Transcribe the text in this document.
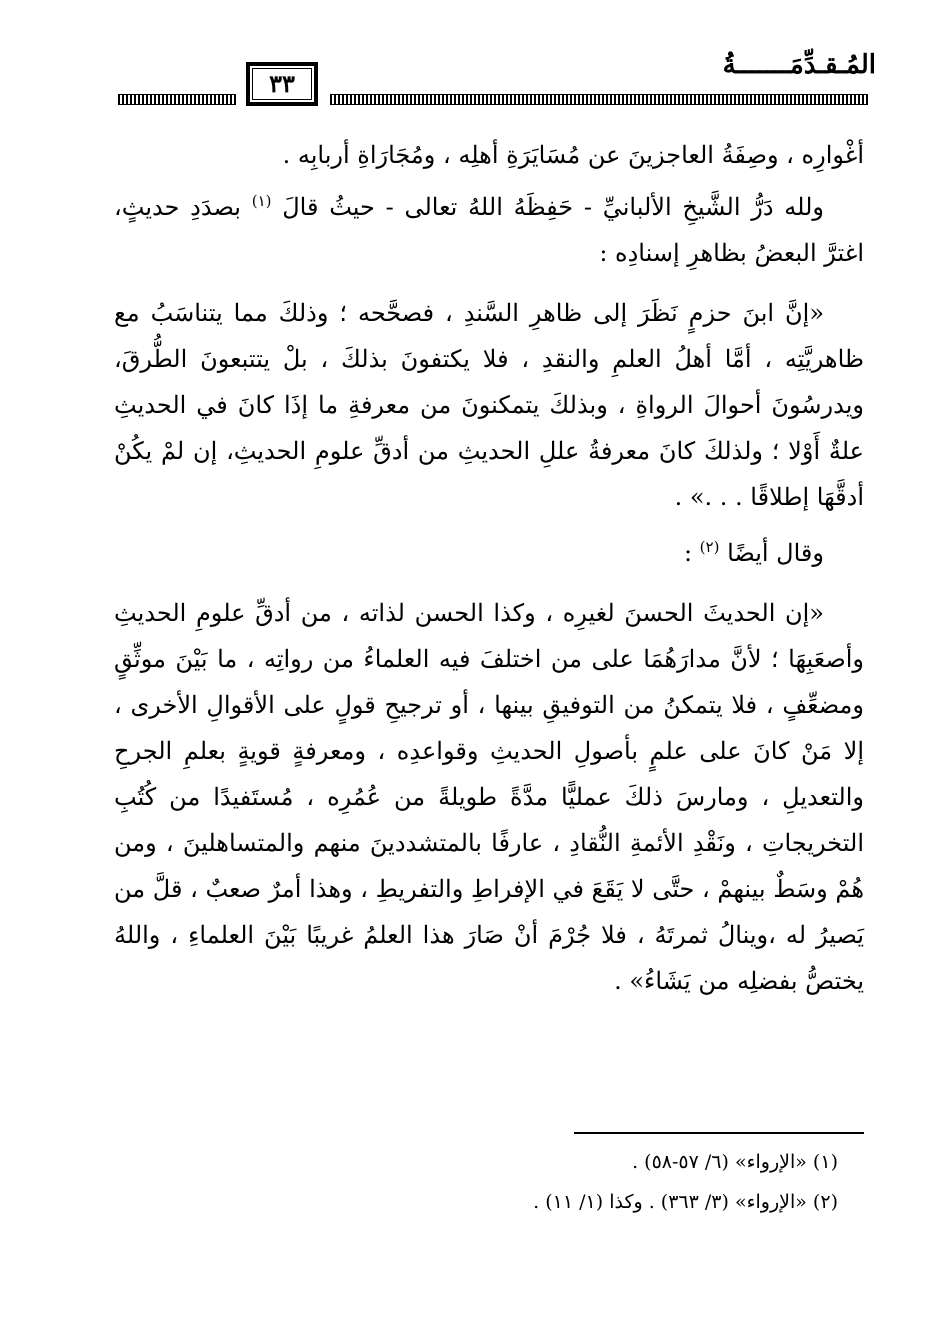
المُـقـدِّمَـــــــةُ
٣٣

أغْوارِه ، وصِفَةُ العاجزينَ عن مُسَايَرَةِ أهلِه ، ومُجَارَاةِ أربابِه .

ولله دَرُّ الشَّيخِ الألبانيِّ - حَفِظَهُ اللهُ تعالى - حيثُ قالَ $^{(١)}$ بصدَدِ حديثٍ، اغترَّ البعضُ بظاهرِ إسنادِه :

«إنَّ ابنَ حزمٍ نَظَرَ إلى ظاهرِ السَّندِ ، فصحَّحه ؛ وذلكَ مما يتناسَبُ مع ظاهريَّتِه ، أمَّا أهلُ العلمِ والنقدِ ، فلا يكتفونَ بذلكَ ، بلْ يتتبعونَ الطُّرقَ، ويدرسُونَ أحوالَ الرواةِ ، وبذلكَ يتمكنونَ من معرفةِ ما إذَا كانَ في الحديثِ علةٌ أَوْلا ؛ ولذلكَ كانَ معرفةُ عللِ الحديثِ من أدقِّ علومِ الحديثِ، إن لمْ يكُنْ أدقَّهَا إطلاقًا . . .» .

وقال أيضًا $^{(٢)}$ :

«إن الحديثَ الحسنَ لغيرِه ، وكذا الحسن لذاته ، من أدقِّ علومِ الحديثِ وأصعَبِهَا ؛ لأنَّ مدارَهُمَا على من اختلفَ فيه العلماءُ من رواتِه ، ما بَيْنَ موثِّقٍ ومضعِّفٍ ، فلا يتمكنُ من التوفيقِ بينها ، أو ترجيحِ قولٍ على الأقوالِ الأخرى ، إلا مَنْ كانَ على علمٍ بأصولِ الحديثِ وقواعدِه ، ومعرفةٍ قويةٍ بعلمِ الجرحِ والتعديلِ ، ومارسَ ذلكَ عمليًّا مدَّةً طويلةً من عُمُرِه ، مُستَفيدًا من كُتُبِ التخريجاتِ ، ونَقْدِ الأئمةِ النُّقادِ ، عارفًا بالمتشددينَ منهم والمتساهلينَ ، ومن هُمْ وسَطٌ بينهمْ ، حتَّى لا يَقَعَ في الإفراطِ والتفريطِ ، وهذا أمرٌ صعبٌ ، قلَّ من يَصيرُ له ،وينالُ ثمرتَهُ ، فلا جُرْمَ أنْ صَارَ هذا العلمُ غريبًا بَيْنَ العلماءِ ، واللهُ يختصُّ بفضلِه من يَشَاءُ» .

(١) «الإرواء» (٦/ ٥٧-٥٨) .

(٢) «الإرواء» (٣/ ٣٦٣) . وكذا (١/ ١١) .
